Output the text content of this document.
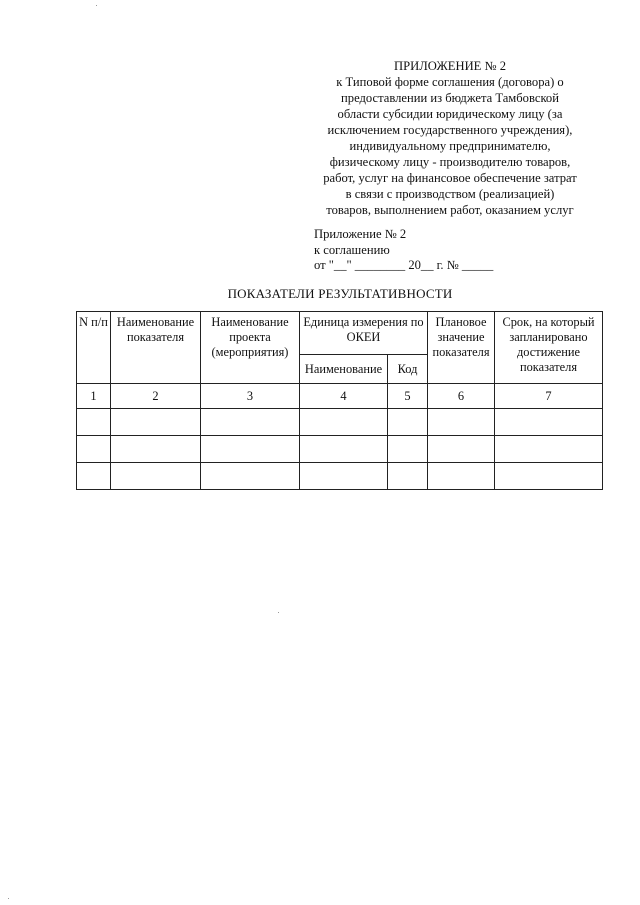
ПРИЛОЖЕНИЕ № 2
к Типовой форме соглашения (договора) о
предоставлении из бюджета Тамбовской
области субсидии юридическому лицу (за
исключением государственного учреждения),
индивидуальному предпринимателю,
физическому лицу - производителю товаров,
работ, услуг на финансовое обеспечение затрат
в связи с производством (реализацией)
товаров, выполнением работ, оказанием услуг
Приложение № 2
к соглашению
от "__" ________ 20__ г. № _____
ПОКАЗАТЕЛИ РЕЗУЛЬТАТИВНОСТИ
N п/п	Наименование показателя	Наименование проекта (мероприятия)	Единица измерения по ОКЕИ		Плановое значение показателя	Срок, на который запланировано достижение показателя
			Наименование	Код		
1	2	3	4	5	6	7
